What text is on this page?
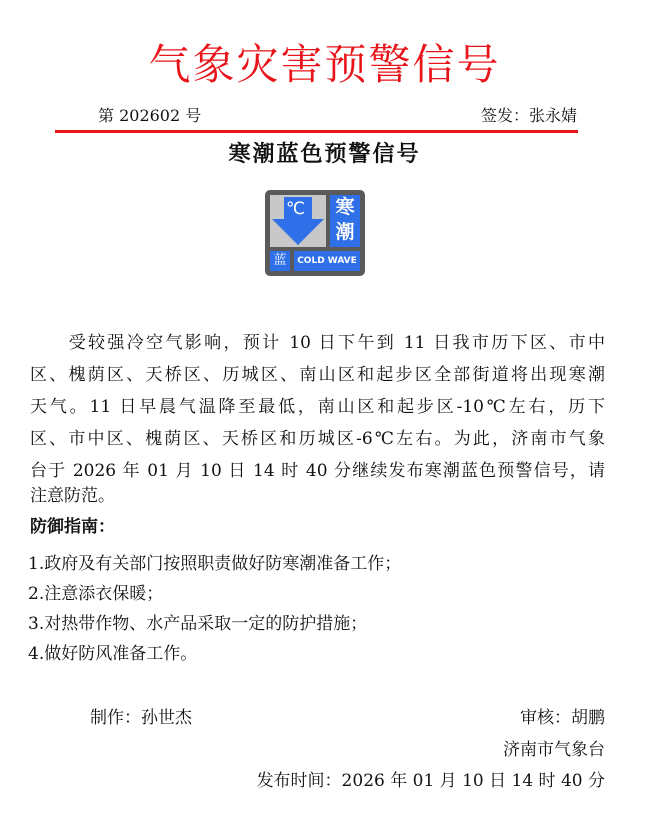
气象灾害预警信号
第 202602 号	签发：张永婧
寒潮蓝色预警信号
℃ 寒
潮
蓝	COLD WAVE
　　受较强冷空气影响，预计 10 日下午到 11 日我市历下区、市中
区、槐荫区、天桥区、历城区、南山区和起步区全部街道将出现寒潮
天气。11 日早晨气温降至最低，南山区和起步区-10℃左右，历下
区、市中区、槐荫区、天桥区和历城区-6℃左右。为此，济南市气象
台于 2026 年 01 月 10 日 14 时 40 分继续发布寒潮蓝色预警信号，请
注意防范。
防御指南：
1.政府及有关部门按照职责做好防寒潮准备工作；
2.注意添衣保暖；
3.对热带作物、水产品采取一定的防护措施；
4.做好防风准备工作。
制作：孙世杰	审核：胡鹏
济南市气象台
发布时间：2026 年 01 月 10 日 14 时 40 分
